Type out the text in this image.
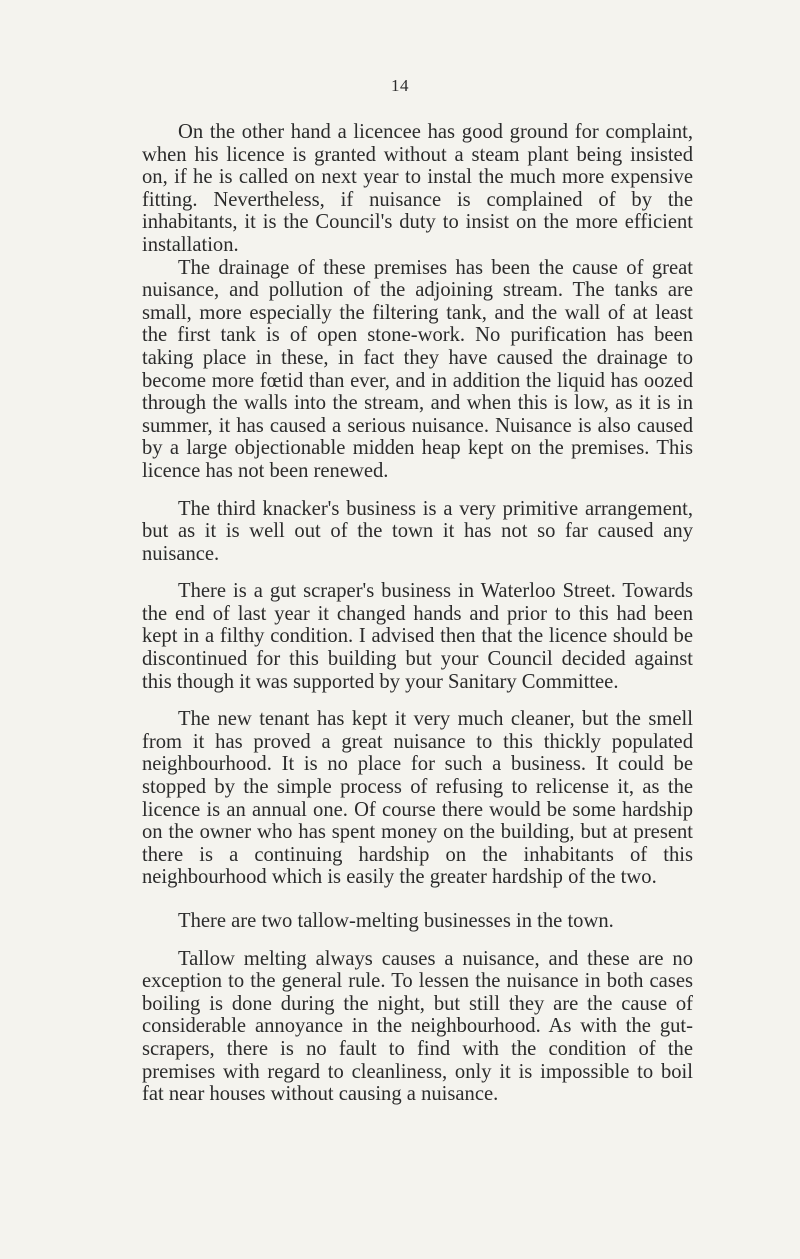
14

On the other hand a licencee has good ground for complaint, when his licence is granted without a steam plant being insisted on, if he is called on next year to instal the much more expensive fitting. Nevertheless, if nuisance is complained of by the inhabitants, it is the Council's duty to insist on the more efficient installation.

The drainage of these premises has been the cause of great nuisance, and pollution of the adjoining stream. The tanks are small, more especially the filtering tank, and the wall of at least the first tank is of open stone-work. No purification has been taking place in these, in fact they have caused the drainage to become more fœtid than ever, and in addition the liquid has oozed through the walls into the stream, and when this is low, as it is in summer, it has caused a serious nuisance. Nuisance is also caused by a large objectionable midden heap kept on the premises. This licence has not been renewed.

The third knacker's business is a very primitive arrangement, but as it is well out of the town it has not so far caused any nuisance.

There is a gut scraper's business in Waterloo Street. Towards the end of last year it changed hands and prior to this had been kept in a filthy condition. I advised then that the licence should be discontinued for this building but your Council decided against this though it was supported by your Sanitary Committee.

The new tenant has kept it very much cleaner, but the smell from it has proved a great nuisance to this thickly populated neighbourhood. It is no place for such a business. It could be stopped by the simple process of refusing to relicense it, as the licence is an annual one. Of course there would be some hardship on the owner who has spent money on the building, but at present there is a continuing hardship on the inhabitants of this neighbourhood which is easily the greater hardship of the two.

There are two tallow-melting businesses in the town.

Tallow melting always causes a nuisance, and these are no exception to the general rule. To lessen the nuisance in both cases boiling is done during the night, but still they are the cause of considerable annoyance in the neighbourhood. As with the gut-scrapers, there is no fault to find with the condition of the premises with regard to cleanliness, only it is impossible to boil fat near houses without causing a nuisance.
